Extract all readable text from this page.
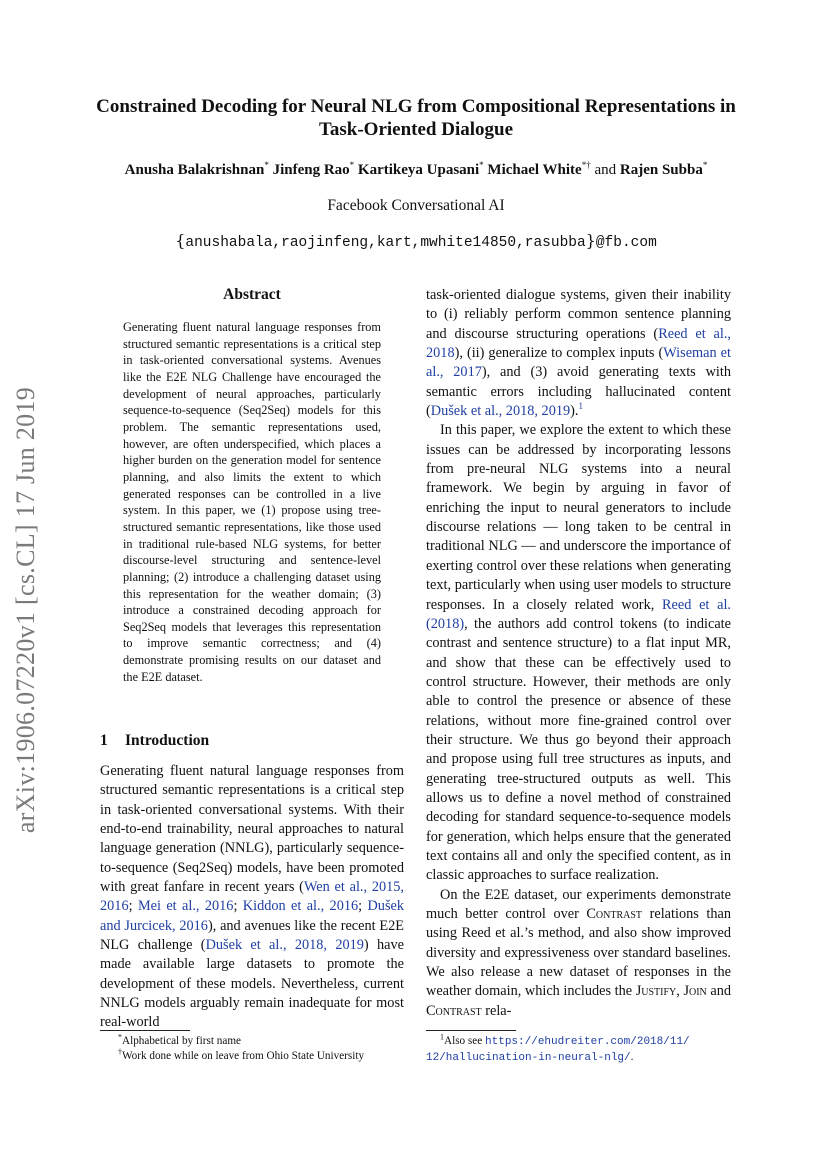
arXiv:1906.07220v1 [cs.CL] 17 Jun 2019
Constrained Decoding for Neural NLG from Compositional Representations in Task-Oriented Dialogue
Anusha Balakrishnan* Jinfeng Rao* Kartikeya Upasani* Michael White*† and Rajen Subba*
Facebook Conversational AI
{anushabala,raojinfeng,kart,mwhite14850,rasubba}@fb.com
Abstract
Generating fluent natural language responses from structured semantic representations is a critical step in task-oriented conversational systems. Avenues like the E2E NLG Challenge have encouraged the development of neural approaches, particularly sequence-to-sequence (Seq2Seq) models for this problem. The semantic representations used, however, are often underspecified, which places a higher burden on the generation model for sentence planning, and also limits the extent to which generated responses can be controlled in a live system. In this paper, we (1) propose using tree-structured semantic representations, like those used in traditional rule-based NLG systems, for better discourse-level structuring and sentence-level planning; (2) introduce a challenging dataset using this representation for the weather domain; (3) introduce a constrained decoding approach for Seq2Seq models that leverages this representation to improve semantic correctness; and (4) demonstrate promising results on our dataset and the E2E dataset.
1 Introduction

Generating fluent natural language responses from structured semantic representations is a critical step in task-oriented conversational systems. With their end-to-end trainability, neural approaches to natural language generation (NNLG), particularly sequence-to-sequence (Seq2Seq) models, have been promoted with great fanfare in recent years (Wen et al., 2015, 2016; Mei et al., 2016; Kiddon et al., 2016; Dušek and Jurcicek, 2016), and avenues like the recent E2E NLG challenge (Dušek et al., 2018, 2019) have made available large datasets to promote the development of these models. Nevertheless, current NNLG models arguably remain inadequate for most real-world

task-oriented dialogue systems, given their inability to (i) reliably perform common sentence planning and discourse structuring operations (Reed et al., 2018), (ii) generalize to complex inputs (Wiseman et al., 2017), and (3) avoid generating texts with semantic errors including hallucinated content (Dušek et al., 2018, 2019).$^1$

In this paper, we explore the extent to which these issues can be addressed by incorporating lessons from pre-neural NLG systems into a neural framework. We begin by arguing in favor of enriching the input to neural generators to include discourse relations — long taken to be central in traditional NLG — and underscore the importance of exerting control over these relations when generating text, particularly when using user models to structure responses. In a closely related work, Reed et al. (2018), the authors add control tokens (to indicate contrast and sentence structure) to a flat input MR, and show that these can be effectively used to control structure. However, their methods are only able to control the presence or absence of these relations, without more fine-grained control over their structure. We thus go beyond their approach and propose using full tree structures as inputs, and generating tree-structured outputs as well. This allows us to define a novel method of constrained decoding for standard sequence-to-sequence models for generation, which helps ensure that the generated text contains all and only the specified content, as in classic approaches to surface realization.

On the E2E dataset, our experiments demonstrate much better control over Contrast relations than using Reed et al.’s method, and also show improved diversity and expressiveness over standard baselines. We also release a new dataset of responses in the weather domain, which includes the Justify, Join and Contrast rela-

*Alphabetical by first name
†Work done while on leave from Ohio State University
$^1$Also see https://ehudreiter.com/2018/11/
12/hallucination-in-neural-nlg/.
